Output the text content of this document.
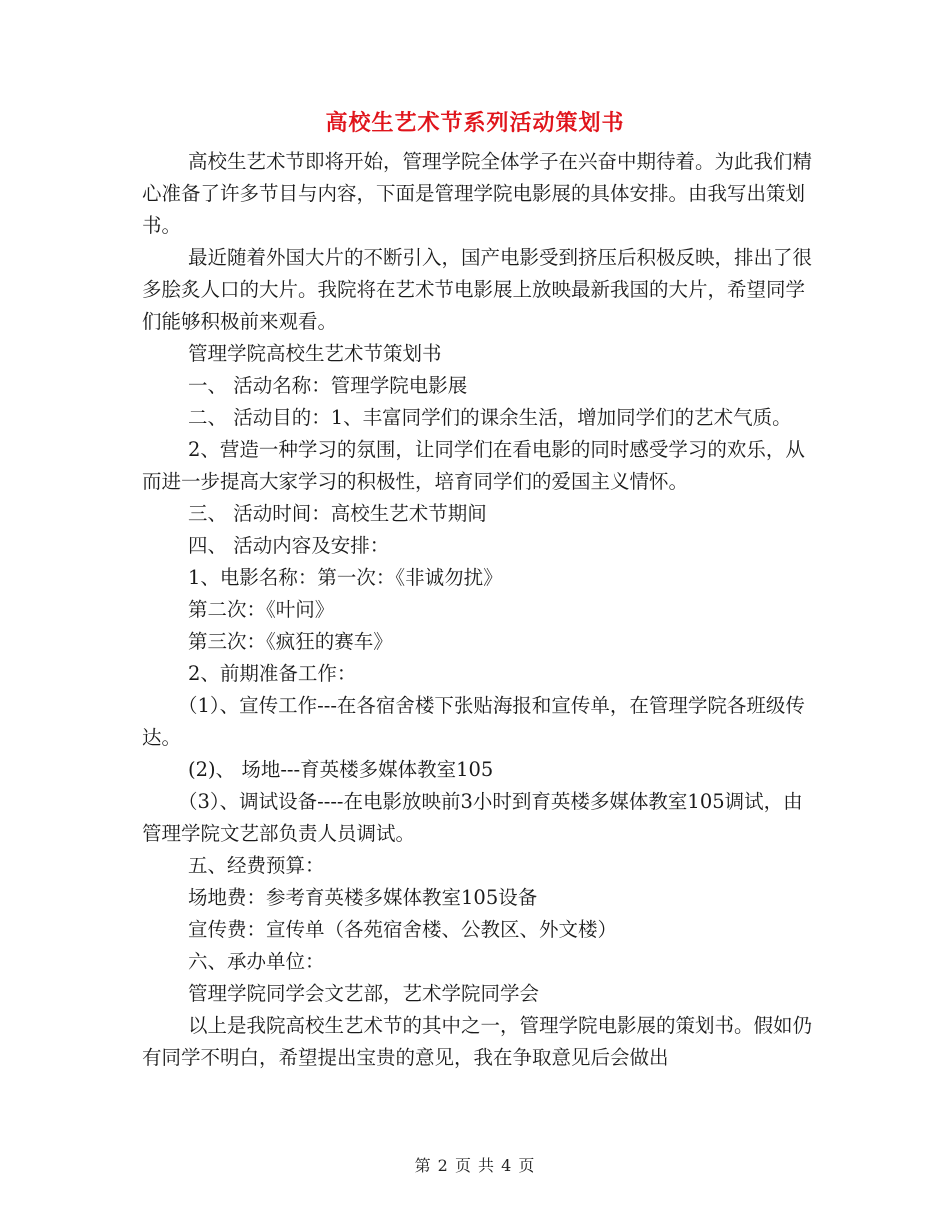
高校生艺术节系列活动策划书

高校生艺术节即将开始，管理学院全体学子在兴奋中期待着。为此我们精心准备了许多节目与内容，下面是管理学院电影展的具体安排。由我写出策划书。

最近随着外国大片的不断引入，国产电影受到挤压后积极反映，排出了很多脍炙人口的大片。我院将在艺术节电影展上放映最新我国的大片，希望同学们能够积极前来观看。

管理学院高校生艺术节策划书

一、 活动名称：管理学院电影展

二、 活动目的：1、丰富同学们的课余生活，增加同学们的艺术气质。

2、营造一种学习的氛围，让同学们在看电影的同时感受学习的欢乐，从而进一步提高大家学习的积极性，培育同学们的爱国主义情怀。

三、 活动时间：高校生艺术节期间

四、 活动内容及安排：

1、电影名称：第一次：《非诚勿扰》

第二次：《叶问》

第三次：《疯狂的赛车》

2、前期准备工作：

（1）、宣传工作---在各宿舍楼下张贴海报和宣传单，在管理学院各班级传达。

(2)、 场地---育英楼多媒体教室105

（3）、调试设备----在电影放映前3小时到育英楼多媒体教室105调试，由管理学院文艺部负责人员调试。

五、经费预算：

场地费：参考育英楼多媒体教室105设备

宣传费：宣传单（各苑宿舍楼、公教区、外文楼）

六、承办单位：

管理学院同学会文艺部，艺术学院同学会

以上是我院高校生艺术节的其中之一，管理学院电影展的策划书。假如仍有同学不明白，希望提出宝贵的意见，我在争取意见后会做出

第 2 页 共 4 页
